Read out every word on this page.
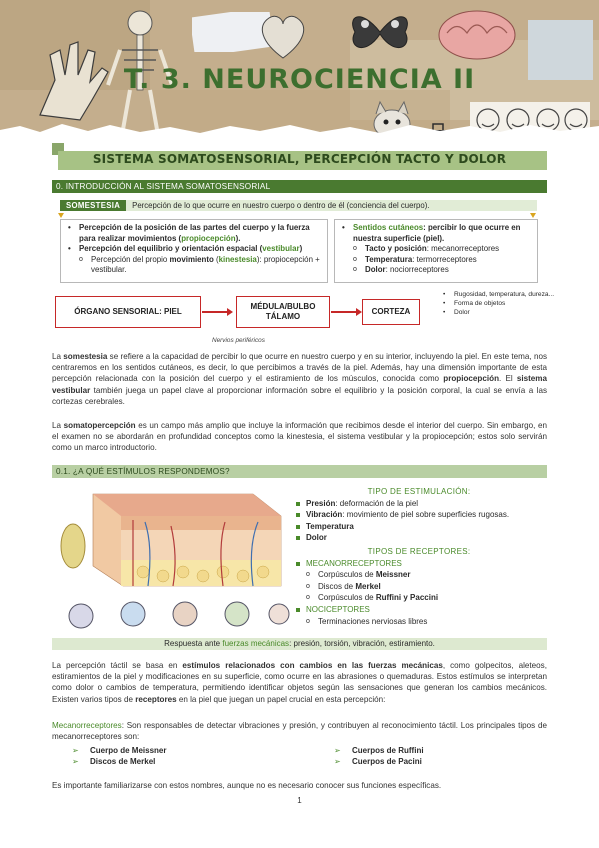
T. 3. NEUROCIENCIA II
SISTEMA SOMATOSENSORIAL, PERCEPCIÓN TACTO Y DOLOR
0. INTRODUCCIÓN AL SISTEMA SOMATOSENSORIAL
SOMESTESIA Percepción de lo que ocurre en nuestro cuerpo o dentro de él (conciencia del cuerpo).
• Percepción de la posición de las partes del cuerpo y la fuerza para realizar movimientos (propiocepción).
• Percepción del equilibrio y orientación espacial (vestibular)
o Percepción del propio movimiento (kinestesia): propiocepción + vestibular.
• Sentidos cutáneos: percibir lo que ocurre en nuestra superficie (piel).
o Tacto y posición: mecanorreceptores
o Temperatura: termorreceptores
o Dolor: nociorreceptores
ÓRGANO SENSORIAL: PIEL
MÉDULA/BULBO
TÁLAMO
CORTEZA
Nervios periféricos
• Rugosidad, temperatura, dureza...
• Forma de objetos
• Dolor
La somestesia se refiere a la capacidad de percibir lo que ocurre en nuestro cuerpo y en su interior, incluyendo la piel. En este tema, nos centraremos en los sentidos cutáneos, es decir, lo que percibimos a través de la piel. Además, hay una dimensión importante de esta percepción relacionada con la posición del cuerpo y el estiramiento de los músculos, conocida como propiocepción. El sistema vestibular también juega un papel clave al proporcionar información sobre el equilibrio y la posición corporal, la cual se envía a las cortezas cerebrales.
La somatopercepción es un campo más amplio que incluye la información que recibimos desde el interior del cuerpo. Sin embargo, en el examen no se abordarán en profundidad conceptos como la kinestesia, el sistema vestibular y la propiocepción; estos solo servirán como un marco introductorio.
0.1. ¿A QUÉ ESTÍMULOS RESPONDEMOS?
TIPO DE ESTIMULACIÓN:
Presión: deformación de la piel
Vibración: movimiento de piel sobre superficies rugosas.
Temperatura
Dolor
TIPOS DE RECEPTORES:
MECANORRECEPTORES
o Corpúsculos de Meissner
o Discos de Merkel
o Corpúsculos de Ruffini y Paccini
NOCICEPTORES
o Terminaciones nerviosas libres
Respuesta ante fuerzas mecánicas: presión, torsión, vibración, estiramiento.
La percepción táctil se basa en estímulos relacionados con cambios en las fuerzas mecánicas, como golpecitos, aleteos, estiramientos de la piel y modificaciones en su superficie, como ocurre en las abrasiones o quemaduras. Estos estímulos se interpretan como dolor o cambios de temperatura, permitiendo identificar objetos según las sensaciones que generan los cambios mecánicos. Existen varios tipos de receptores en la piel que juegan un papel crucial en esta percepción:
Mecanorreceptores: Son responsables de detectar vibraciones y presión, y contribuyen al reconocimiento táctil. Los principales tipos de mecanorreceptores son:
➢ Cuerpo de Meissner
➢ Discos de Merkel
➢ Cuerpos de Ruffini
➢ Cuerpos de Pacini
Es importante familiarizarse con estos nombres, aunque no es necesario conocer sus funciones específicas.
1
